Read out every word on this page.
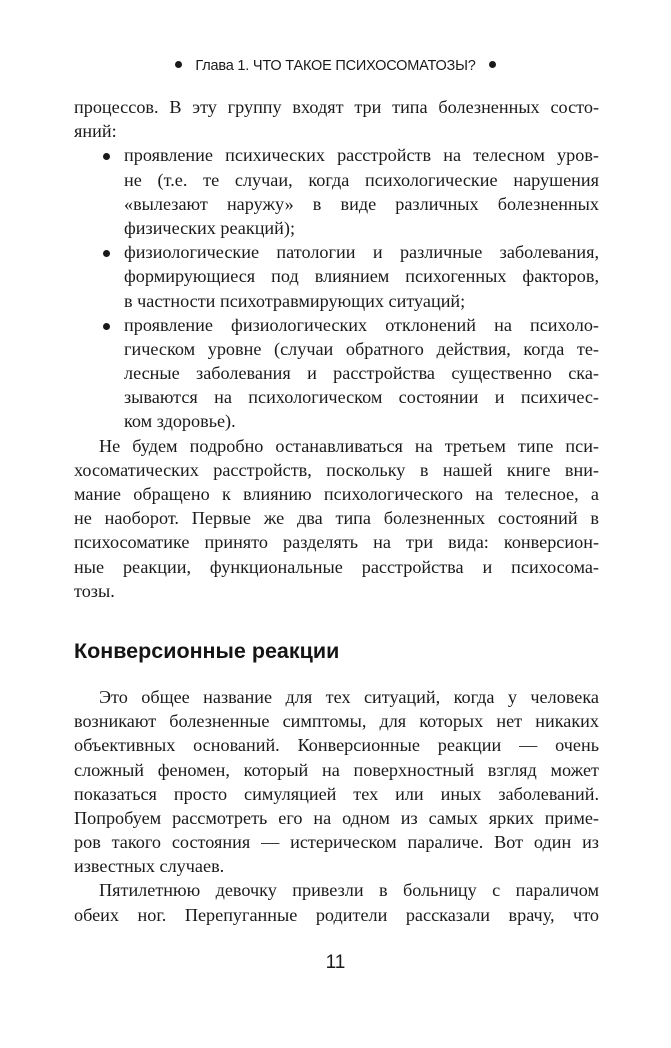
Глава 1. ЧТО ТАКОЕ ПСИХОСОМАТОЗЫ?
процессов. В эту группу входят три типа болезненных состо-
яний:
проявление психических расстройств на телесном уров-
не (т.е. те случаи, когда психологические нарушения
«вылезают наружу» в виде различных болезненных
физических реакций);
физиологические патологии и различные заболевания,
формирующиеся под влиянием психогенных факторов,
в частности психотравмирующих ситуаций;
проявление физиологических отклонений на психоло-
гическом уровне (случаи обратного действия, когда те-
лесные заболевания и расстройства существенно ска-
зываются на психологическом состоянии и психичес-
ком здоровье).
Не будем подробно останавливаться на третьем типе пси-
хосоматических расстройств, поскольку в нашей книге вни-
мание обращено к влиянию психологического на телесное, а
не наоборот. Первые же два типа болезненных состояний в
психосоматике принято разделять на три вида: конверсион-
ные реакции, функциональные расстройства и психосома-
тозы.
Конверсионные реакции
Это общее название для тех ситуаций, когда у человека
возникают болезненные симптомы, для которых нет никаких
объективных оснований. Конверсионные реакции — очень
сложный феномен, который на поверхностный взгляд может
показаться просто симуляцией тех или иных заболеваний.
Попробуем рассмотреть его на одном из самых ярких приме-
ров такого состояния — истерическом параличе. Вот один из
известных случаев.
Пятилетнюю девочку привезли в больницу с параличом
обеих ног. Перепуганные родители рассказали врачу, что
11
